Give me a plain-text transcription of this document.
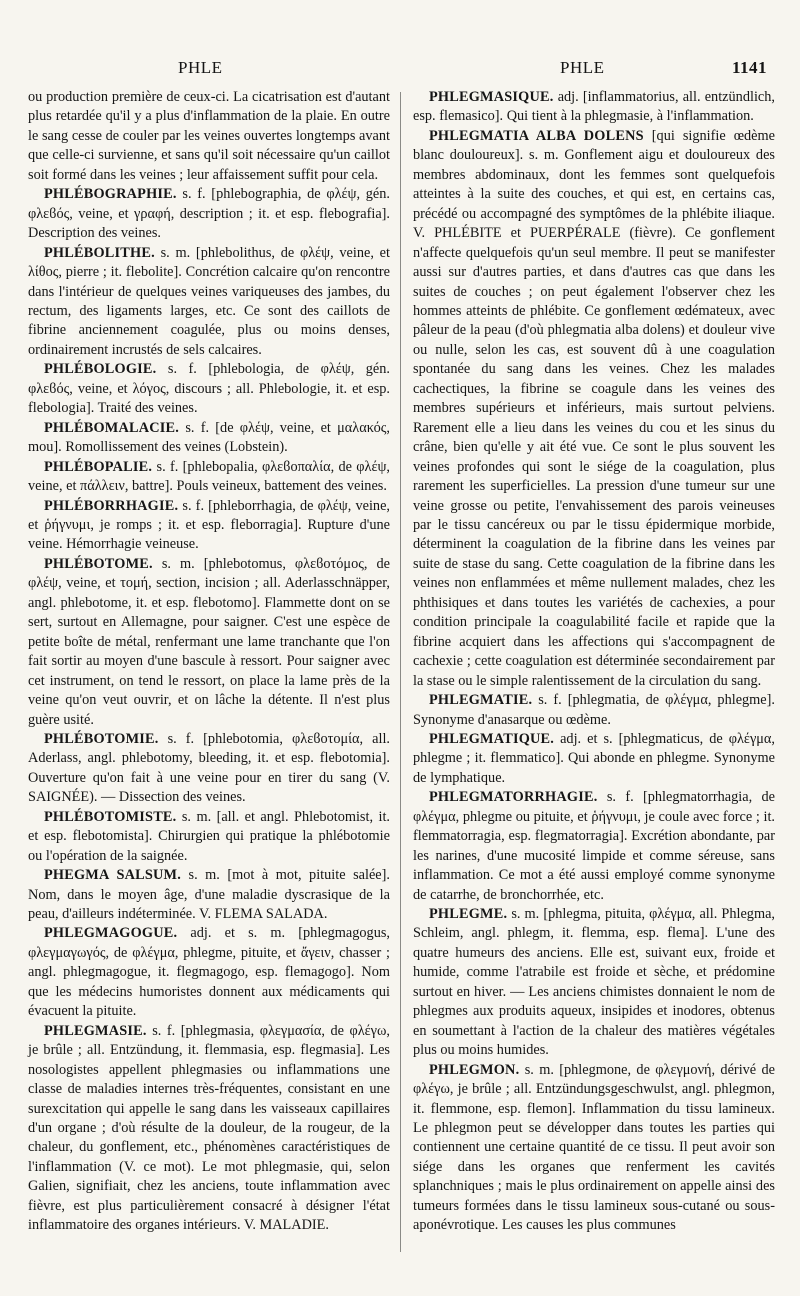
PHLE	PHLE	1141

ou production première de ceux-ci. La cicatrisation est d'autant plus retardée qu'il y a plus d'inflammation de la plaie. En outre le sang cesse de couler par les veines ouvertes longtemps avant que celle-ci survienne, et sans qu'il soit nécessaire qu'un caillot soit formé dans les veines ; leur affaissement suffit pour cela.

PHLÉBOGRAPHIE. s. f. [phlebographia, de φλέψ, gén. φλεϐός, veine, et γραφή, description ; it. et esp. flebografia]. Description des veines.

PHLÉBOLITHE. s. m. [phlebolithus, de φλέψ, veine, et λίθος, pierre ; it. flebolite]. Concrétion calcaire qu'on rencontre dans l'intérieur de quelques veines variqueuses des jambes, du rectum, des ligaments larges, etc. Ce sont des caillots de fibrine anciennement coagulée, plus ou moins denses, ordinairement incrustés de sels calcaires.

PHLÉBOLOGIE. s. f. [phlebologia, de φλέψ, gén. φλεϐός, veine, et λόγος, discours ; all. Phlebologie, it. et esp. flebologia]. Traité des veines.

PHLÉBOMALACIE. s. f. [de φλέψ, veine, et μαλακός, mou]. Romollissement des veines (Lobstein).

PHLÉBOPALIE. s. f. [phlebopalia, φλεϐοπαλία, de φλέψ, veine, et πάλλειν, battre]. Pouls veineux, battement des veines.

PHLÉBORRHAGIE. s. f. [phleborrhagia, de φλέψ, veine, et ῥήγνυμι, je romps ; it. et esp. fleborragia]. Rupture d'une veine. Hémorrhagie veineuse.

PHLÉBOTOME. s. m. [phlebotomus, φλεϐοτόμος, de φλέψ, veine, et τομή, section, incision ; all. Aderlasschnäpper, angl. phlebotome, it. et esp. flebotomo]. Flammette dont on se sert, surtout en Allemagne, pour saigner. C'est une espèce de petite boîte de métal, renfermant une lame tranchante que l'on fait sortir au moyen d'une bascule à ressort. Pour saigner avec cet instrument, on tend le ressort, on place la lame près de la veine qu'on veut ouvrir, et on lâche la détente. Il n'est plus guère usité.

PHLÉBOTOMIE. s. f. [phlebotomia, φλεϐοτομία, all. Aderlass, angl. phlebotomy, bleeding, it. et esp. flebotomia]. Ouverture qu'on fait à une veine pour en tirer du sang (V. SAIGNÉE). — Dissection des veines.

PHLÉBOTOMISTE. s. m. [all. et angl. Phlebotomist, it. et esp. flebotomista]. Chirurgien qui pratique la phlébotomie ou l'opération de la saignée.

PHEGMA SALSUM. s. m. [mot à mot, pituite salée]. Nom, dans le moyen âge, d'une maladie dyscrasique de la peau, d'ailleurs indéterminée. V. FLEMA SALADA.

PHLEGMAGOGUE. adj. et s. m. [phlegmagogus, φλεγμαγωγός, de φλέγμα, phlegme, pituite, et ἄγειν, chasser ; angl. phlegmagogue, it. flegmagogo, esp. flemagogo]. Nom que les médecins humoristes donnent aux médicaments qui évacuent la pituite.

PHLEGMASIE. s. f. [phlegmasia, φλεγμασία, de φλέγω, je brûle ; all. Entzündung, it. flemmasia, esp. flegmasia]. Les nosologistes appellent phlegmasies ou inflammations une classe de maladies internes très-fréquentes, consistant en une surexcitation qui appelle le sang dans les vaisseaux capillaires d'un organe ; d'où résulte de la douleur, de la rougeur, de la chaleur, du gonflement, etc., phénomènes caractéristiques de l'inflammation (V. ce mot). Le mot phlegmasie, qui, selon Galien, signifiait, chez les anciens, toute inflammation avec fièvre, est plus particulièrement consacré à désigner l'état inflammatoire des organes intérieurs. V. MALADIE.

PHLEGMASIQUE. adj. [inflammatorius, all. entzündlich, esp. flemasico]. Qui tient à la phlegmasie, à l'inflammation.

PHLEGMATIA ALBA DOLENS [qui signifie œdème blanc douloureux]. s. m. Gonflement aigu et douloureux des membres abdominaux, dont les femmes sont quelquefois atteintes à la suite des couches, et qui est, en certains cas, précédé ou accompagné des symptômes de la phlébite iliaque. V. PHLÉBITE et PUERPÉRALE (fièvre). Ce gonflement n'affecte quelquefois qu'un seul membre. Il peut se manifester aussi sur d'autres parties, et dans d'autres cas que dans les suites de couches ; on peut également l'observer chez les hommes atteints de phlébite. Ce gonflement œdémateux, avec pâleur de la peau (d'où phlegmatia alba dolens) et douleur vive ou nulle, selon les cas, est souvent dû à une coagulation spontanée du sang dans les veines. Chez les malades cachectiques, la fibrine se coagule dans les veines des membres supérieurs et inférieurs, mais surtout pelviens. Rarement elle a lieu dans les veines du cou et les sinus du crâne, bien qu'elle y ait été vue. Ce sont le plus souvent les veines profondes qui sont le siége de la coagulation, plus rarement les superficielles. La pression d'une tumeur sur une veine grosse ou petite, l'envahissement des parois veineuses par le tissu cancéreux ou par le tissu épidermique morbide, déterminent la coagulation de la fibrine dans les veines par suite de stase du sang. Cette coagulation de la fibrine dans les veines non enflammées et même nullement malades, chez les phthisiques et dans toutes les variétés de cachexies, a pour condition principale la coagulabilité facile et rapide que la fibrine acquiert dans les affections qui s'accompagnent de cachexie ; cette coagulation est déterminée secondairement par la stase ou le simple ralentissement de la circulation du sang.

PHLEGMATIE. s. f. [phlegmatia, de φλέγμα, phlegme]. Synonyme d'anasarque ou œdème.

PHLEGMATIQUE. adj. et s. [phlegmaticus, de φλέγμα, phlegme ; it. flemmatico]. Qui abonde en phlegme. Synonyme de lymphatique.

PHLEGMATORRHAGIE. s. f. [phlegmatorrhagia, de φλέγμα, phlegme ou pituite, et ῥήγνυμι, je coule avec force ; it. flemmatorragia, esp. flegmatorragia]. Excrétion abondante, par les narines, d'une mucosité limpide et comme séreuse, sans inflammation. Ce mot a été aussi employé comme synonyme de catarrhe, de bronchorrhée, etc.

PHLEGME. s. m. [phlegma, pituita, φλέγμα, all. Phlegma, Schleim, angl. phlegm, it. flemma, esp. flema]. L'une des quatre humeurs des anciens. Elle est, suivant eux, froide et humide, comme l'atrabile est froide et sèche, et prédomine surtout en hiver. — Les anciens chimistes donnaient le nom de phlegmes aux produits aqueux, insipides et inodores, obtenus en soumettant à l'action de la chaleur des matières végétales plus ou moins humides.

PHLEGMON. s. m. [phlegmone, de φλεγμονή, dérivé de φλέγω, je brûle ; all. Entzündungsgeschwulst, angl. phlegmon, it. flemmone, esp. flemon]. Inflammation du tissu lamineux. Le phlegmon peut se développer dans toutes les parties qui contiennent une certaine quantité de ce tissu. Il peut avoir son siége dans les organes que renferment les cavités splanchniques ; mais le plus ordinairement on appelle ainsi des tumeurs formées dans le tissu lamineux sous-cutané ou sous-aponévrotique. Les causes les plus communes
